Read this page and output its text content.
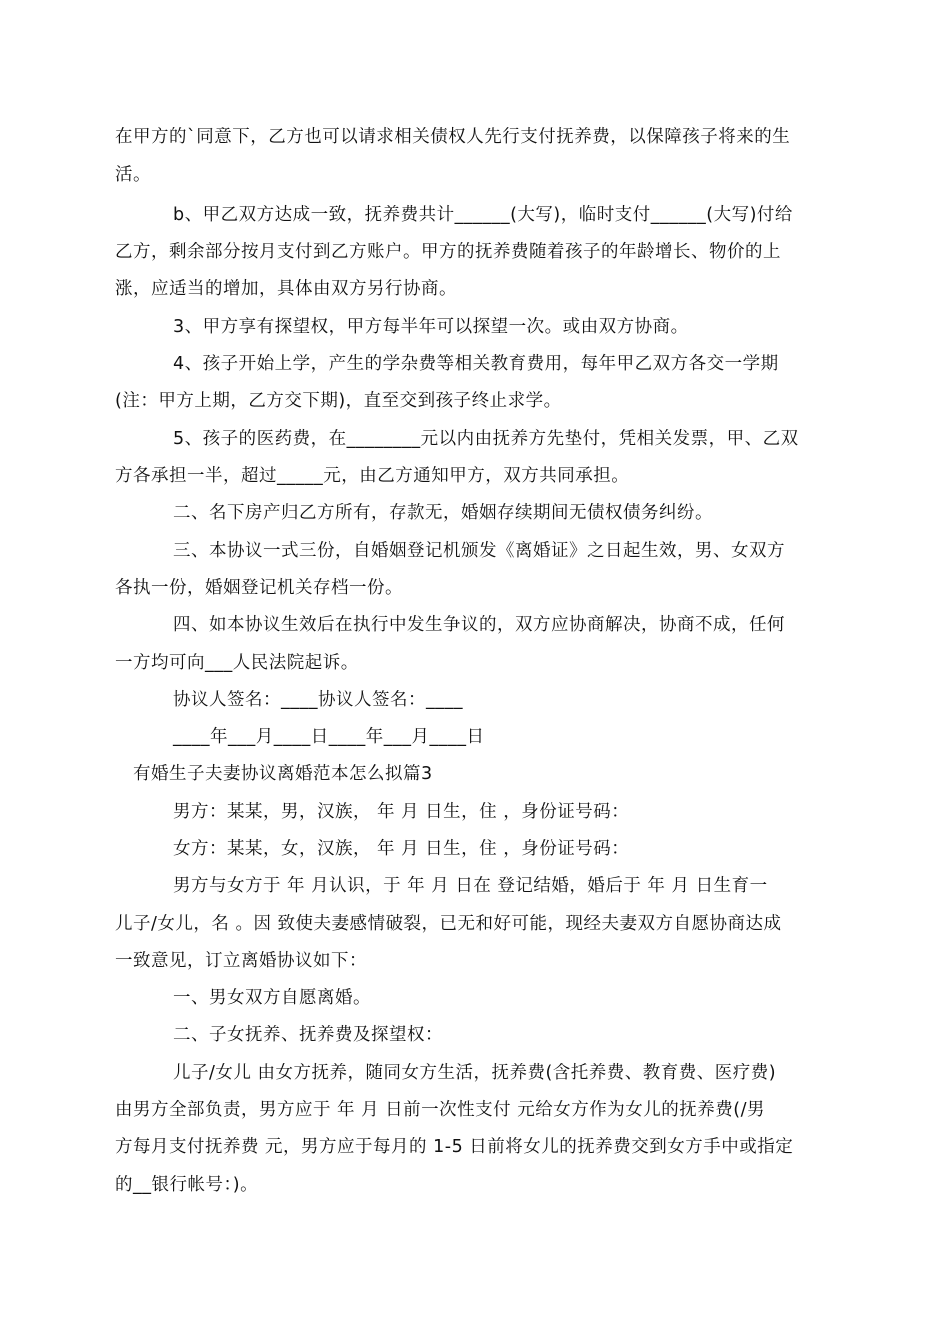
在甲方的`同意下，乙方也可以请求相关债权人先行支付抚养费，以保障孩子将来的生
活。
b、甲乙双方达成一致，抚养费共计______(大写)，临时支付______(大写)付给
乙方，剩余部分按月支付到乙方账户。甲方的抚养费随着孩子的年龄增长、物价的上
涨，应适当的增加，具体由双方另行协商。
3、甲方享有探望权，甲方每半年可以探望一次。或由双方协商。
4、孩子开始上学，产生的学杂费等相关教育费用，每年甲乙双方各交一学期
(注：甲方上期，乙方交下期)，直至交到孩子终止求学。
5、孩子的医药费，在________元以内由抚养方先垫付，凭相关发票，甲、乙双
方各承担一半，超过_____元，由乙方通知甲方，双方共同承担。
二、名下房产归乙方所有，存款无，婚姻存续期间无债权债务纠纷。
三、本协议一式三份，自婚姻登记机颁发《离婚证》之日起生效，男、女双方
各执一份，婚姻登记机关存档一份。
四、如本协议生效后在执行中发生争议的，双方应协商解决，协商不成，任何
一方均可向___人民法院起诉。
协议人签名：____协议人签名：____
____年___月____日____年___月____日
有婚生子夫妻协议离婚范本怎么拟篇3
男方：某某，男，汉族， 年 月 日生，住 ，身份证号码：
女方：某某，女，汉族， 年 月 日生，住 ，身份证号码：
男方与女方于 年 月认识，于 年 月 日在 登记结婚，婚后于 年 月 日生育一
儿子/女儿，名 。因 致使夫妻感情破裂，已无和好可能，现经夫妻双方自愿协商达成
一致意见，订立离婚协议如下：
一、男女双方自愿离婚。
二、子女抚养、抚养费及探望权：
儿子/女儿 由女方抚养，随同女方生活，抚养费(含托养费、教育费、医疗费)
由男方全部负责，男方应于 年 月 日前一次性支付 元给女方作为女儿的抚养费(/男
方每月支付抚养费 元，男方应于每月的 1-5 日前将女儿的抚养费交到女方手中或指定
的__银行帐号：)。
